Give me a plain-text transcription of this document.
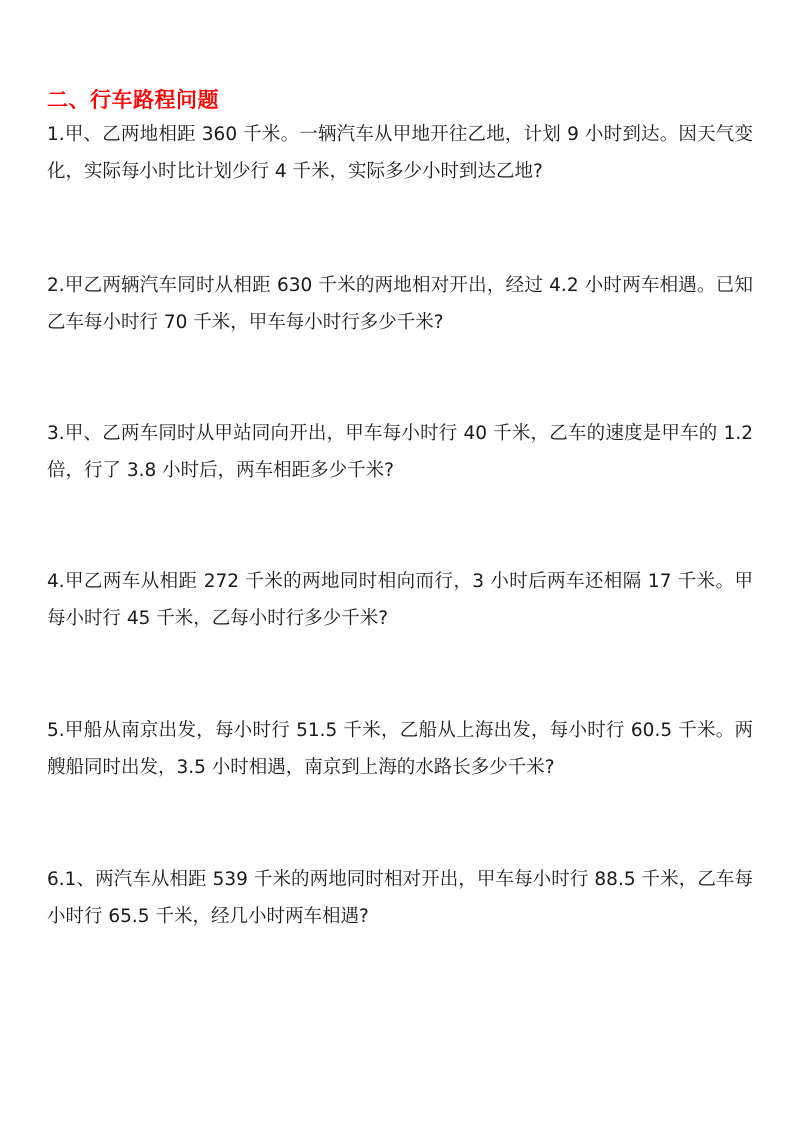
二、行车路程问题
1.甲、乙两地相距 360 千米。一辆汽车从甲地开往乙地，计划 9 小时到达。因天气变化，实际每小时比计划少行 4 千米，实际多少小时到达乙地?
2.甲乙两辆汽车同时从相距 630 千米的两地相对开出，经过 4.2 小时两车相遇。已知乙车每小时行 70 千米，甲车每小时行多少千米?
3.甲、乙两车同时从甲站同向开出，甲车每小时行 40 千米，乙车的速度是甲车的 1.2 倍，行了 3.8 小时后，两车相距多少千米?
4.甲乙两车从相距 272 千米的两地同时相向而行，3 小时后两车还相隔 17 千米。甲每小时行 45 千米，乙每小时行多少千米?
5.甲船从南京出发，每小时行 51.5 千米，乙船从上海出发，每小时行 60.5 千米。两艘船同时出发，3.5 小时相遇，南京到上海的水路长多少千米?
6.1、两汽车从相距 539 千米的两地同时相对开出，甲车每小时行 88.5 千米，乙车每小时行 65.5 千米，经几小时两车相遇?
